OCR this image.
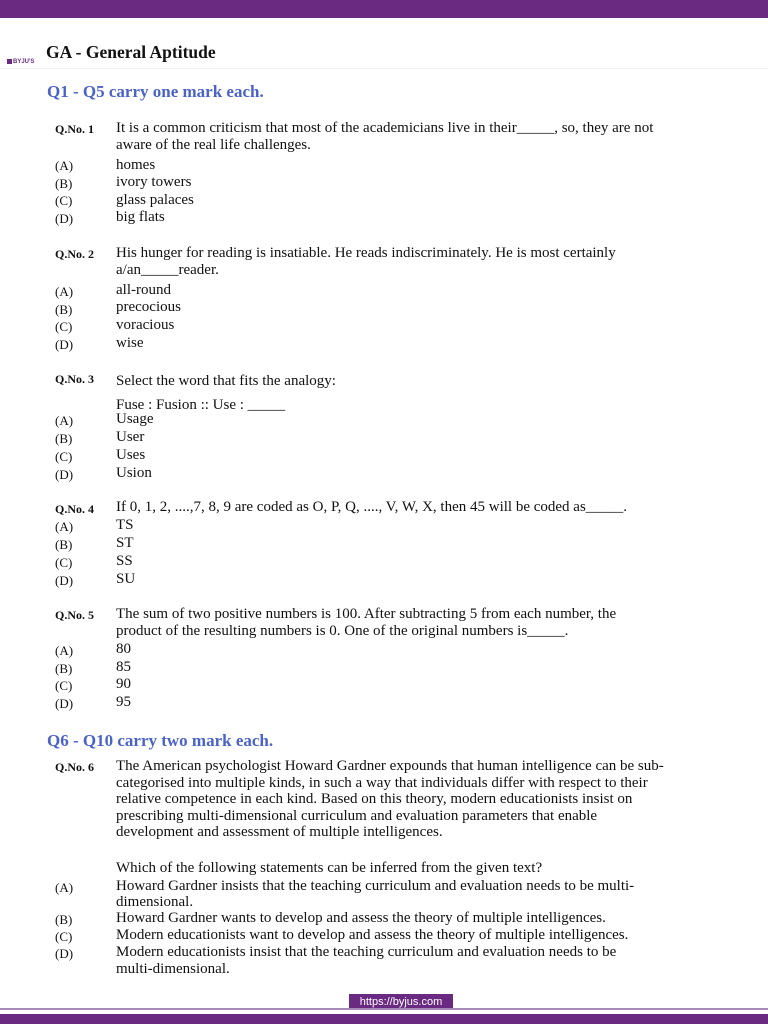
BYJU'S GA - General Aptitude
Q1 - Q5 carry one mark each.
Q.No. 1 It is a common criticism that most of the academicians live in their_____, so, they are not
aware of the real life challenges.
(A)	homes
(B)	ivory towers
(C)	glass palaces
(D)	big flats
Q.No. 2 His hunger for reading is insatiable. He reads indiscriminately. He is most certainly
a/an_____reader.
(A)	all-round
(B)	precocious
(C)	voracious
(D)	wise
Q.No. 3 Select the word that fits the analogy:
Fuse : Fusion :: Use : _____
(A)	Usage
(B)	User
(C)	Uses
(D)	Usion
Q.No. 4 If 0, 1, 2, ....,7, 8, 9 are coded as O, P, Q, ...., V, W, X, then 45 will be coded as_____.
(A)	TS
(B)	ST
(C)	SS
(D)	SU
Q.No. 5 The sum of two positive numbers is 100. After subtracting 5 from each number, the
product of the resulting numbers is 0. One of the original numbers is_____.
(A)	80
(B)	85
(C)	90
(D)	95
Q6 - Q10 carry two mark each.
Q.No. 6 The American psychologist Howard Gardner expounds that human intelligence can be sub-
categorised into multiple kinds, in such a way that individuals differ with respect to their
relative competence in each kind. Based on this theory, modern educationists insist on
prescribing multi-dimensional curriculum and evaluation parameters that enable
development and assessment of multiple intelligences.
Which of the following statements can be inferred from the given text?
(A)	Howard Gardner insists that the teaching curriculum and evaluation needs to be multi-
dimensional.
(B)	Howard Gardner wants to develop and assess the theory of multiple intelligences.
(C)	Modern educationists want to develop and assess the theory of multiple intelligences.
(D)	Modern educationists insist that the teaching curriculum and evaluation needs to be
multi-dimensional.
https://byjus.com
